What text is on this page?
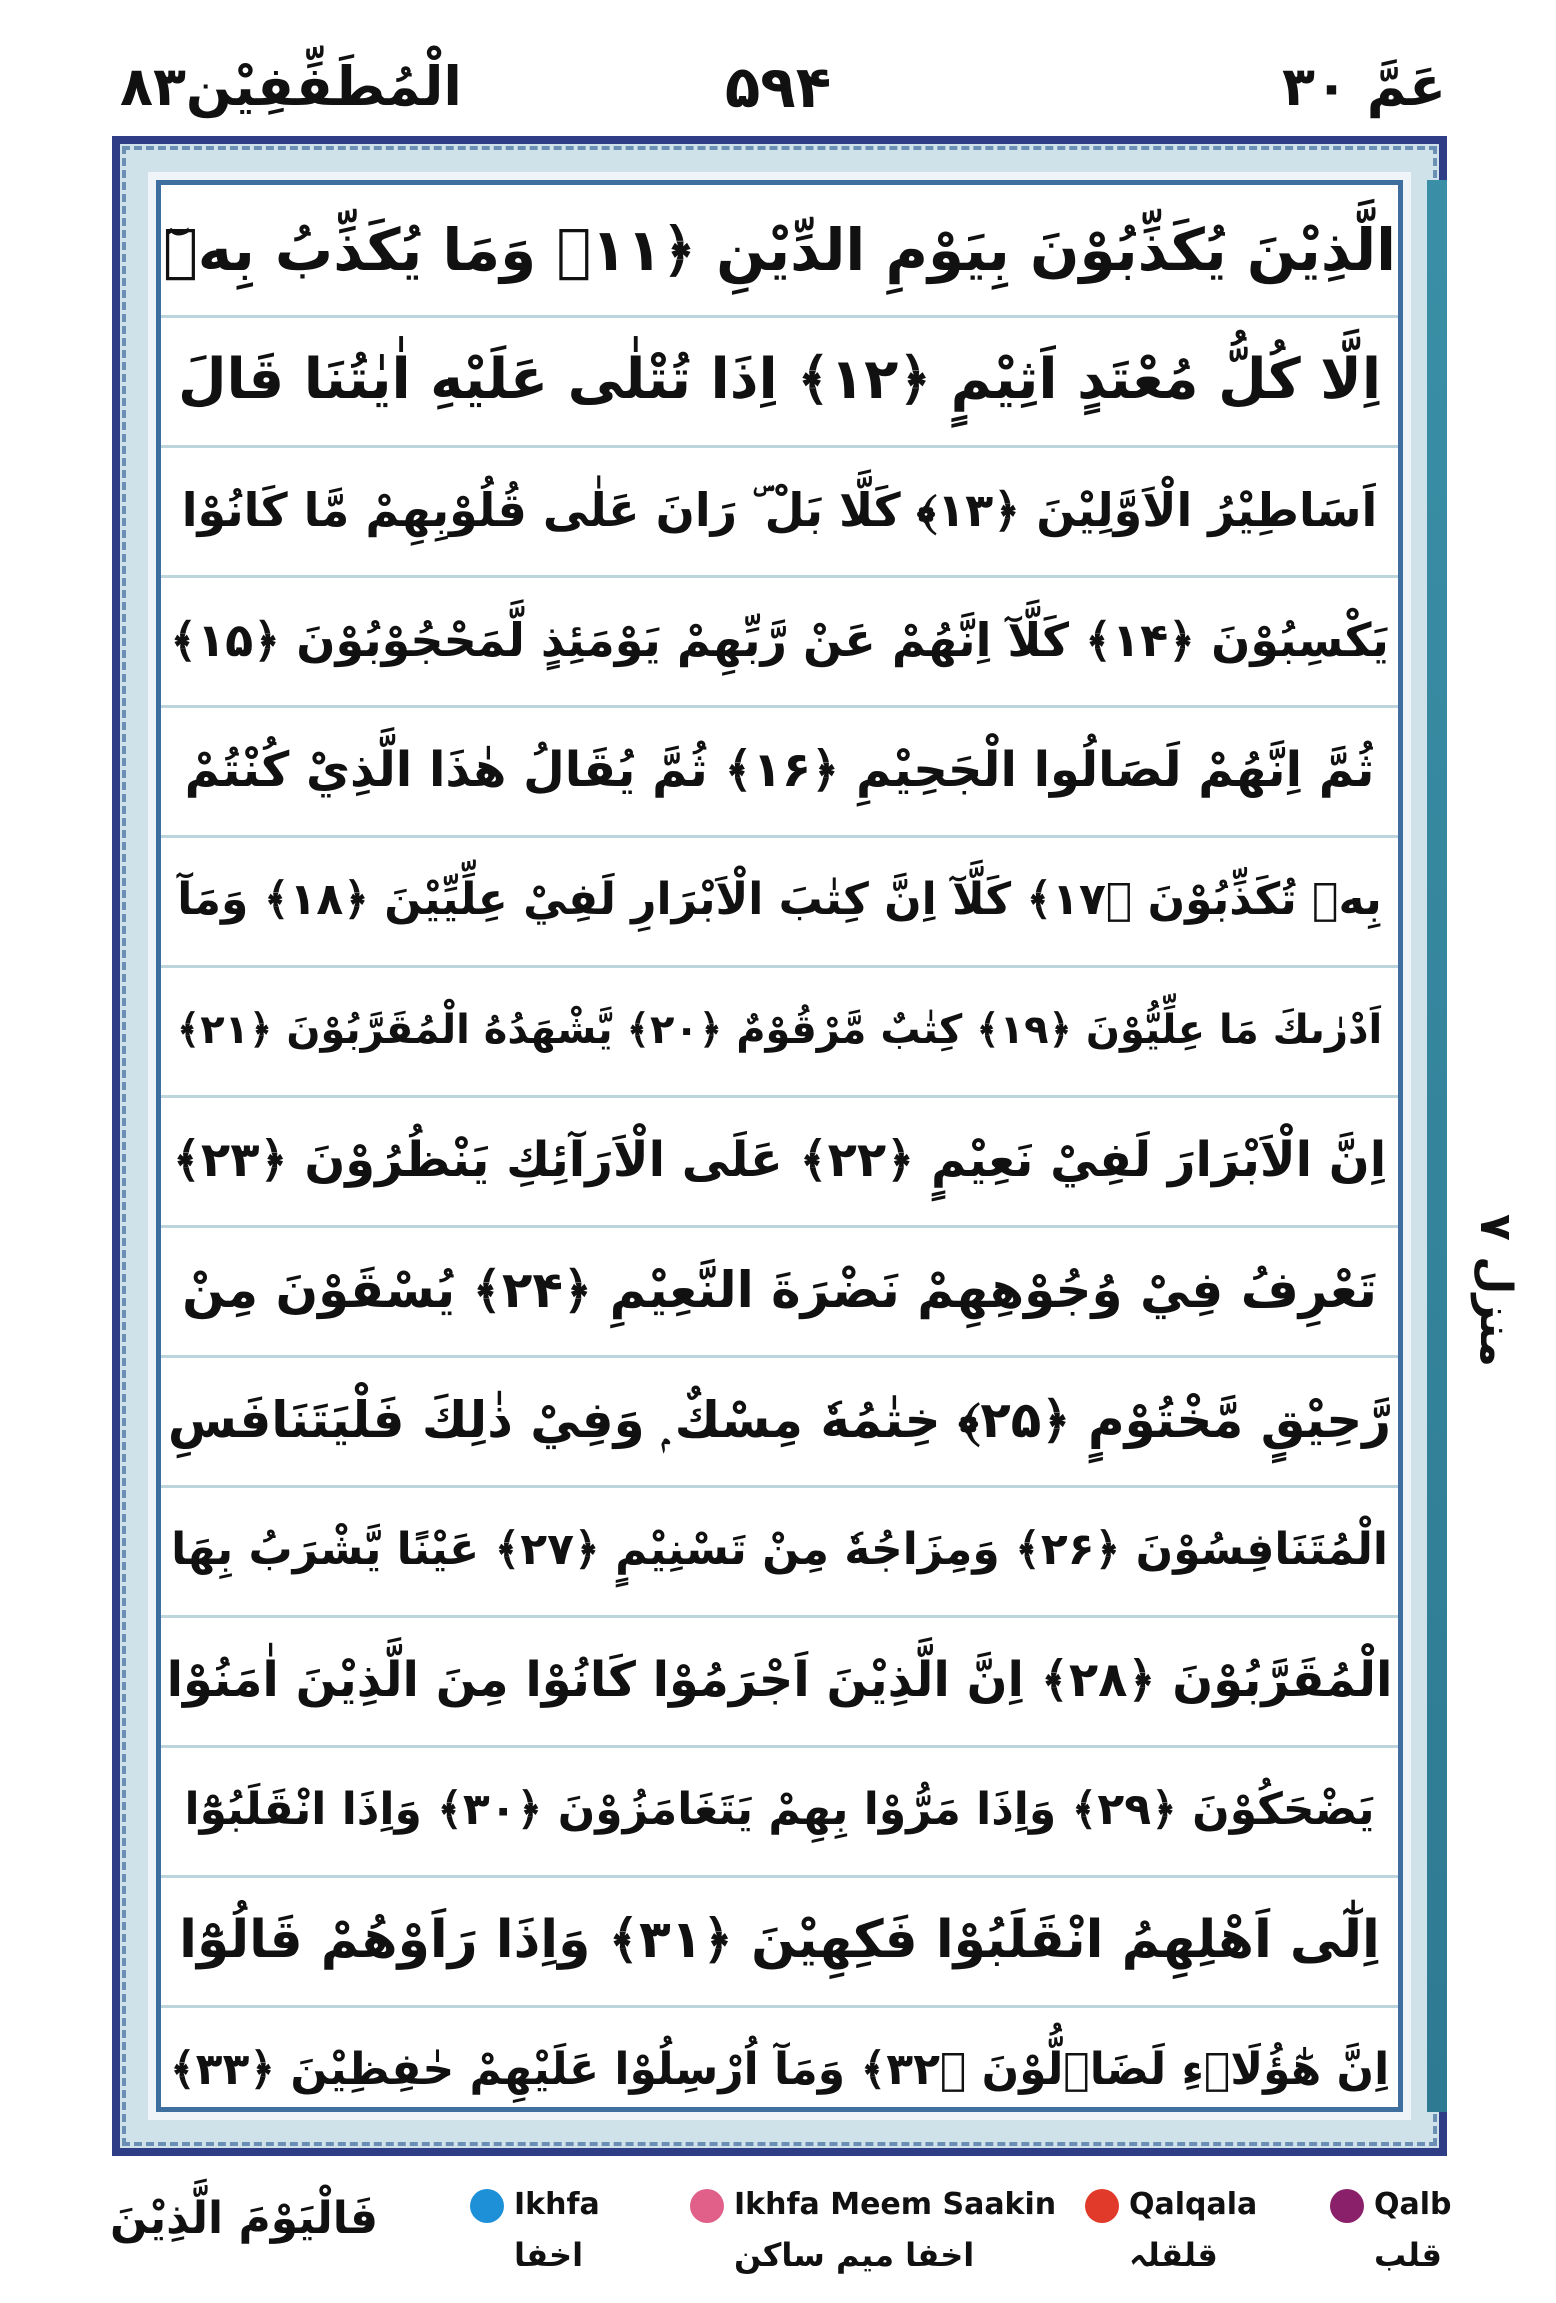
الْمُطَفِّفِيْن۸۳	۵۹۴	عَمَّ ۳۰
الَّذِيْنَ يُكَذِّبُوْنَ بِيَوْمِ الدِّيْنِ ﴿۱۱﴾ وَمَا يُكَذِّبُ بِهٖٓ
اِلَّا كُلُّ مُعْتَدٍ اَثِيْمٍ ﴿۱۲﴾ اِذَا تُتْلٰى عَلَيْهِ اٰيٰتُنَا قَالَ
اَسَاطِيْرُ الْاَوَّلِيْنَ ﴿۱۳﴾ كَلَّا بَلْ ۜ رَانَ عَلٰى قُلُوْبِهِمْ مَّا كَانُوْا
يَكْسِبُوْنَ ﴿۱۴﴾ كَلَّآ اِنَّهُمْ عَنْ رَّبِّهِمْ يَوْمَئِذٍ لَّمَحْجُوْبُوْنَ ﴿۱۵﴾
ثُمَّ اِنَّهُمْ لَصَالُوا الْجَحِيْمِ ﴿۱۶﴾ ثُمَّ يُقَالُ هٰذَا الَّذِيْ كُنْتُمْ
بِهٖ تُكَذِّبُوْنَ ﴿۱۷﴾ كَلَّآ اِنَّ كِتٰبَ الْاَبْرَارِ لَفِيْ عِلِّيِّيْنَ ﴿۱۸﴾ وَمَآ
اَدْرٰىكَ مَا عِلِّيُّوْنَ ﴿۱۹﴾ كِتٰبٌ مَّرْقُوْمٌ ﴿۲۰﴾ يَّشْهَدُهُ الْمُقَرَّبُوْنَ ﴿۲۱﴾
اِنَّ الْاَبْرَارَ لَفِيْ نَعِيْمٍ ﴿۲۲﴾ عَلَى الْاَرَآئِكِ يَنْظُرُوْنَ ﴿۲۳﴾
تَعْرِفُ فِيْ وُجُوْهِهِمْ نَضْرَةَ النَّعِيْمِ ﴿۲۴﴾ يُسْقَوْنَ مِنْ
رَّحِيْقٍ مَّخْتُوْمٍ ﴿۲۵﴾ خِتٰمُهٗ مِسْكٌ ۭ وَفِيْ ذٰلِكَ فَلْيَتَنَافَسِ
الْمُتَنَافِسُوْنَ ﴿۲۶﴾ وَمِزَاجُهٗ مِنْ تَسْنِيْمٍ ﴿۲۷﴾ عَيْنًا يَّشْرَبُ بِهَا
الْمُقَرَّبُوْنَ ﴿۲۸﴾ اِنَّ الَّذِيْنَ اَجْرَمُوْا كَانُوْا مِنَ الَّذِيْنَ اٰمَنُوْا
يَضْحَكُوْنَ ﴿۲۹﴾ وَاِذَا مَرُّوْا بِهِمْ يَتَغَامَزُوْنَ ﴿۳۰﴾ وَاِذَا انْقَلَبُوْٓا
اِلٰٓى اَهْلِهِمُ انْقَلَبُوْا فَكِهِيْنَ ﴿۳۱﴾ وَاِذَا رَاَوْهُمْ قَالُوْٓا
اِنَّ هٰٓؤُلَاۗءِ لَضَاۗلُّوْنَ ﴿۳۲﴾ وَمَآ اُرْسِلُوْا عَلَيْهِمْ حٰفِظِيْنَ ﴿۳۳﴾
منزل ۷
فَالْيَوْمَ الَّذِيْنَ	Ikhfa
اخفا
Ikhfa Meem Saakin
اخفا میم ساکن
Qalqala
قلقلہ
Qalb
قلب
